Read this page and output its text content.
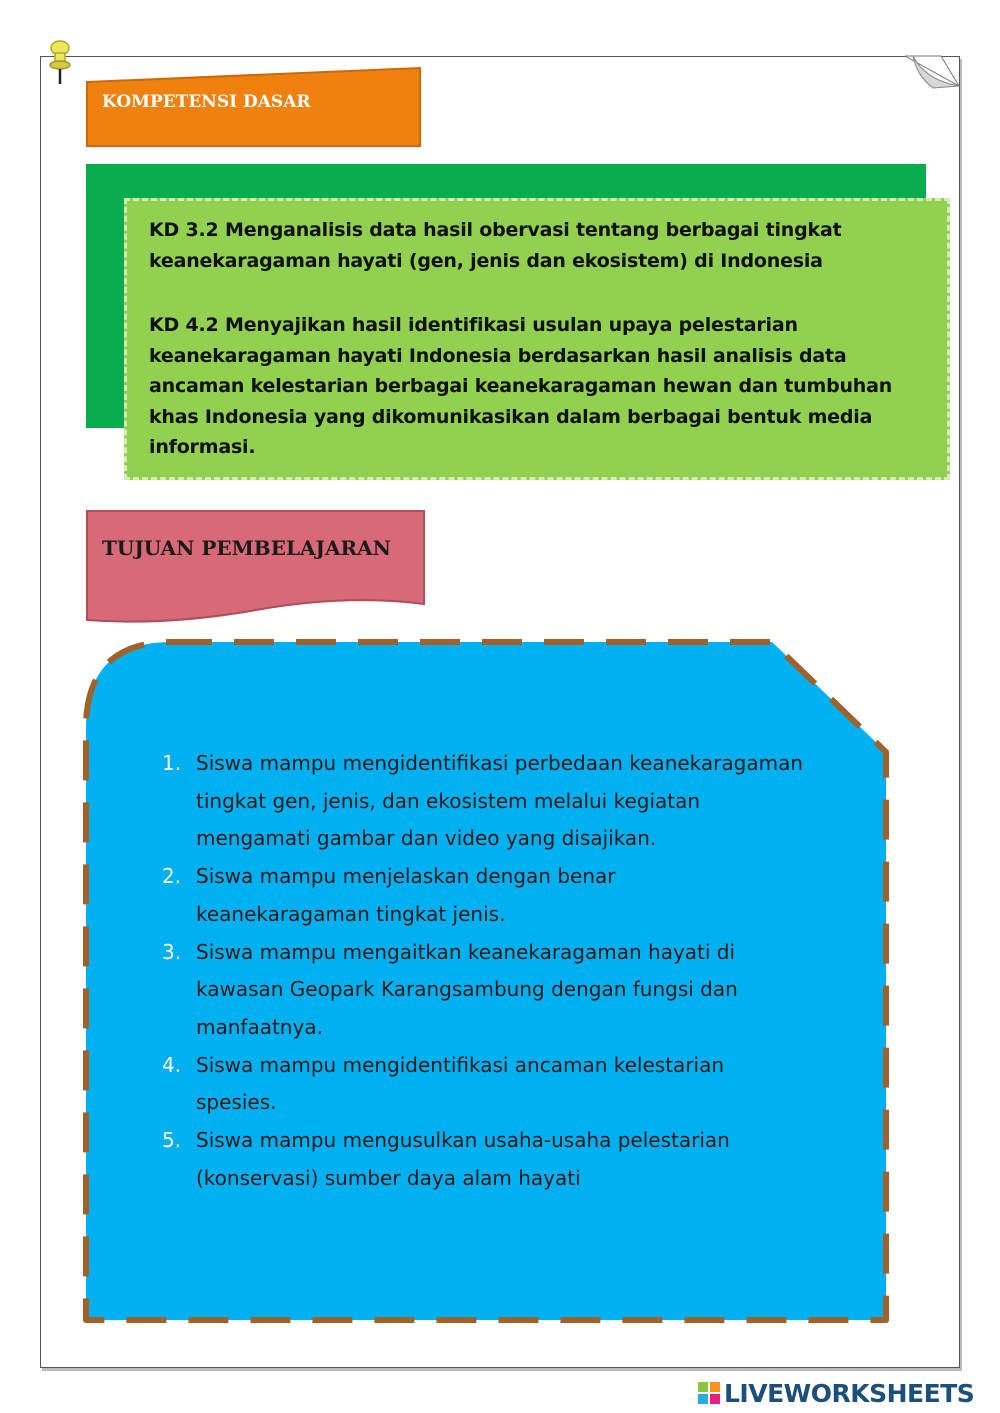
KOMPETENSI DASAR

KD 3.2 Menganalisis data hasil obervasi tentang berbagai tingkat keanekaragaman hayati (gen, jenis dan ekosistem) di Indonesia

KD 4.2 Menyajikan hasil identifikasi usulan upaya pelestarian keanekaragaman hayati Indonesia berdasarkan hasil analisis data ancaman kelestarian berbagai keanekaragaman hewan dan tumbuhan khas Indonesia yang dikomunikasikan dalam berbagai bentuk media informasi.

TUJUAN PEMBELAJARAN
1. Siswa mampu mengidentifikasi perbedaan keanekaragaman tingkat gen, jenis, dan ekosistem melalui kegiatan mengamati gambar dan video yang disajikan.
2. Siswa mampu menjelaskan dengan benar keanekaragaman tingkat jenis.
3. Siswa mampu mengaitkan keanekaragaman hayati di kawasan Geopark Karangsambung dengan fungsi dan manfaatnya.
4. Siswa mampu mengidentifikasi ancaman kelestarian spesies.
5. Siswa mampu mengusulkan usaha-usaha pelestarian (konservasi) sumber daya alam hayati
LIVEWORKSHEETS
